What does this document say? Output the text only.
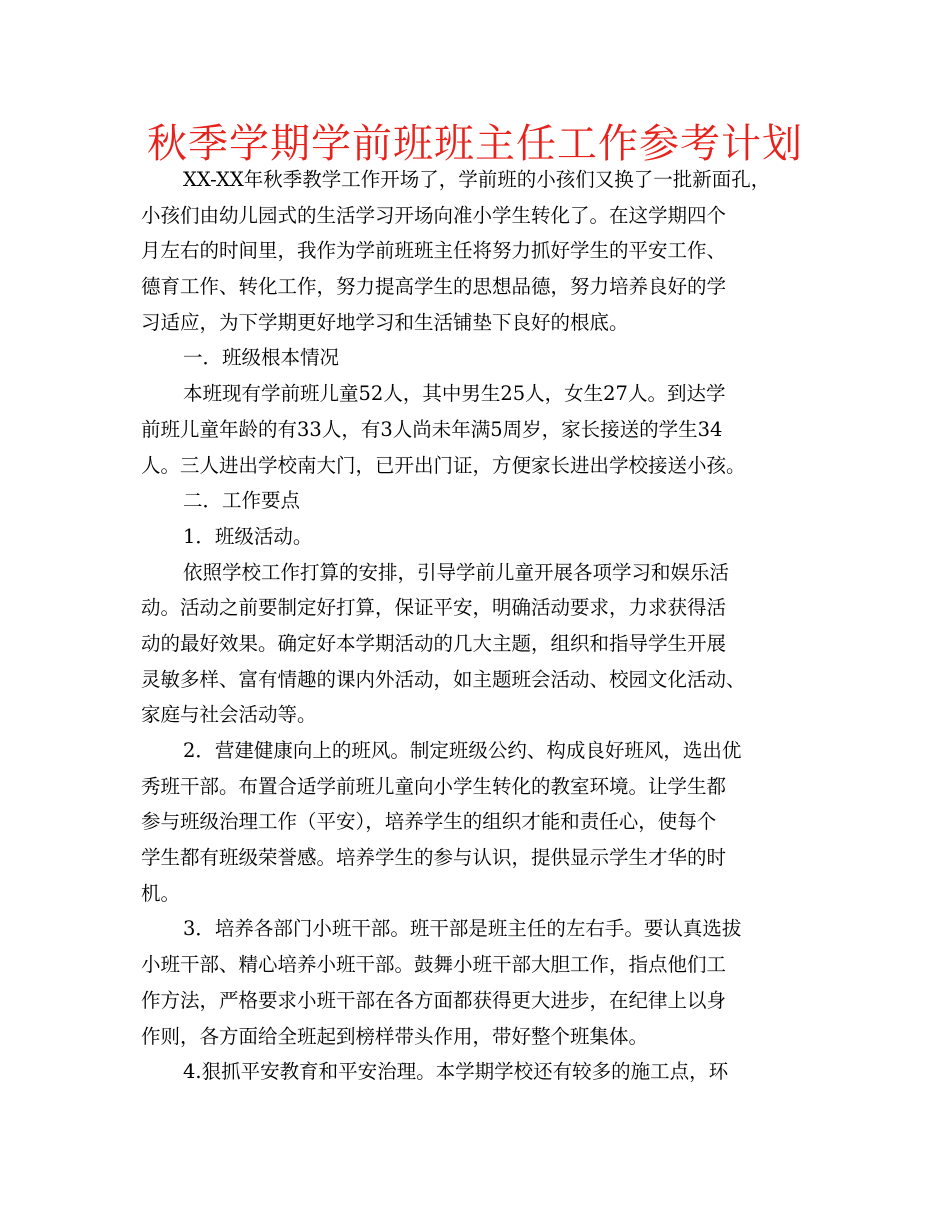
秋季学期学前班班主任工作参考计划
XX-XX年秋季教学工作开场了，学前班的小孩们又换了一批新面孔，
小孩们由幼儿园式的生活学习开场向准小学生转化了。在这学期四个
月左右的时间里，我作为学前班班主任将努力抓好学生的平安工作、
德育工作、转化工作，努力提高学生的思想品德，努力培养良好的学
习适应，为下学期更好地学习和生活铺垫下良好的根底。
一．班级根本情况
本班现有学前班儿童52人，其中男生25人，女生27人。到达学
前班儿童年龄的有33人，有3人尚未年满5周岁，家长接送的学生34
人。三人进出学校南大门，已开出门证，方便家长进出学校接送小孩。
二．工作要点
1．班级活动。
依照学校工作打算的安排，引导学前儿童开展各项学习和娱乐活
动。活动之前要制定好打算，保证平安，明确活动要求，力求获得活
动的最好效果。确定好本学期活动的几大主题，组织和指导学生开展
灵敏多样、富有情趣的课内外活动，如主题班会活动、校园文化活动、
家庭与社会活动等。
2．营建健康向上的班风。制定班级公约、构成良好班风，选出优
秀班干部。布置合适学前班儿童向小学生转化的教室环境。让学生都
参与班级治理工作（平安），培养学生的组织才能和责任心，使每个
学生都有班级荣誉感。培养学生的参与认识，提供显示学生才华的时
机。
3．培养各部门小班干部。班干部是班主任的左右手。要认真选拔
小班干部、精心培养小班干部。鼓舞小班干部大胆工作，指点他们工
作方法，严格要求小班干部在各方面都获得更大进步，在纪律上以身
作则，各方面给全班起到榜样带头作用，带好整个班集体。
4.狠抓平安教育和平安治理。本学期学校还有较多的施工点，环
